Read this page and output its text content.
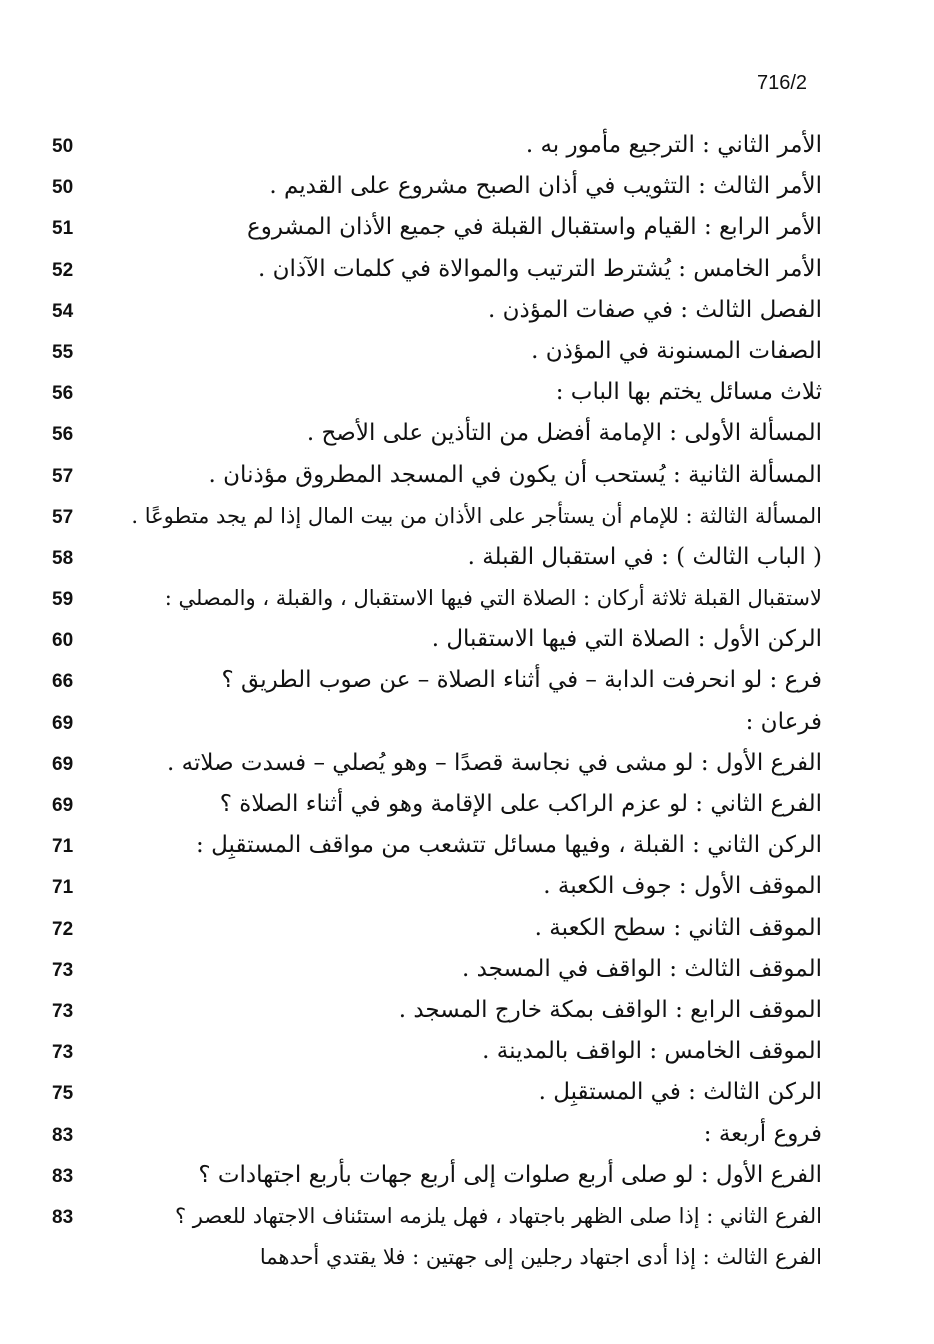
716/2
الأمر الثاني : الترجيع مأمور به .
50
الأمر الثالث : التثويب في أذان الصبح مشروع على القديم .
50
الأمر الرابع : القيام واستقبال القبلة في جميع الأذان المشروع
51
الأمر الخامس : يُشترط الترتيب والموالاة في كلمات الآذان .
52
الفصل الثالث : في صفات المؤذن .
54
الصفات المسنونة في المؤذن .
55
ثلاث مسائل يختم بها الباب :
56
المسألة الأولى : الإمامة أفضل من التأذين على الأصح .
56
المسألة الثانية : يُستحب أن يكون في المسجد المطروق مؤذنان .
57
المسألة الثالثة : للإمام أن يستأجر على الأذان من بيت المال إذا لم يجد متطوعًا .
57
( الباب الثالث ) : في استقبال القبلة .
58
لاستقبال القبلة ثلاثة أركان : الصلاة التي فيها الاستقبال ، والقبلة ، والمصلي :
59
الركن الأول : الصلاة التي فيها الاستقبال .
60
فرع : لو انحرفت الدابة – في أثناء الصلاة – عن صوب الطريق ؟
66
فرعان :
69
الفرع الأول : لو مشى في نجاسة قصدًا – وهو يُصلي – فسدت صلاته .
69
الفرع الثاني : لو عزم الراكب على الإقامة وهو في أثناء الصلاة ؟
69
الركن الثاني : القبلة ، وفيها مسائل تتشعب من مواقف المستقبِل :
71
الموقف الأول : جوف الكعبة .
71
الموقف الثاني : سطح الكعبة .
72
الموقف الثالث : الواقف في المسجد .
73
الموقف الرابع : الواقف بمكة خارج المسجد .
73
الموقف الخامس : الواقف بالمدينة .
73
الركن الثالث : في المستقبِل .
75
فروع أربعة :
83
الفرع الأول : لو صلى أربع صلوات إلى أربع جهات بأربع اجتهادات ؟
83
الفرع الثاني : إذا صلى الظهر باجتهاد ، فهل يلزمه استئناف الاجتهاد للعصر ؟
83
الفرع الثالث : إذا أدى اجتهاد رجلين إلى جهتين : فلا يقتدي أحدهما
